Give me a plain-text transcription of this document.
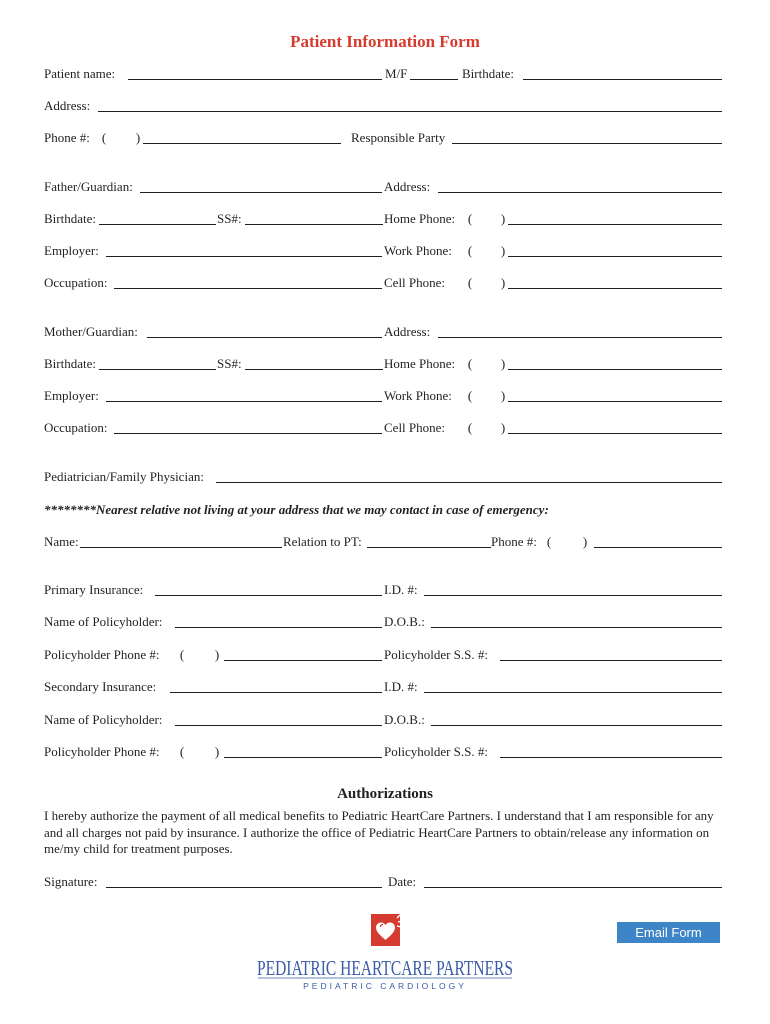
Patient Information Form
Patient name:	M/F	Birthdate:
Address:
Phone #: ( )	Responsible Party
Father/Guardian:	Address:
Birthdate:	SS#:	Home Phone: ( )
Employer:	Work Phone: ( )
Occupation:	Cell Phone: ( )
Mother/Guardian:	Address:
Birthdate:	SS#:	Home Phone: ( )
Employer:	Work Phone: ( )
Occupation:	Cell Phone: ( )
Pediatrician/Family Physician:
********Nearest relative not living at your address that we may contact in case of emergency:
Name:	Relation to PT:	Phone #: ( )
Primary Insurance:	I.D. #:
Name of Policyholder:	D.O.B.:
Policyholder Phone #: ( )	Policyholder S.S. #:
Secondary Insurance:	I.D. #:
Name of Policyholder:	D.O.B.:
Policyholder Phone #: ( )	Policyholder S.S. #:
Authorizations
I hereby authorize the payment of all medical benefits to Pediatric HeartCare Partners. I understand that I am responsible for any and all charges not paid by insurance. I authorize the office of Pediatric HeartCare Partners to obtain/release any information on me/my child for treatment purposes.
Signature:	Date:
Email Form
PEDIATRIC HEARTCARE PARTNERS
PEDIATRIC CARDIOLOGY
